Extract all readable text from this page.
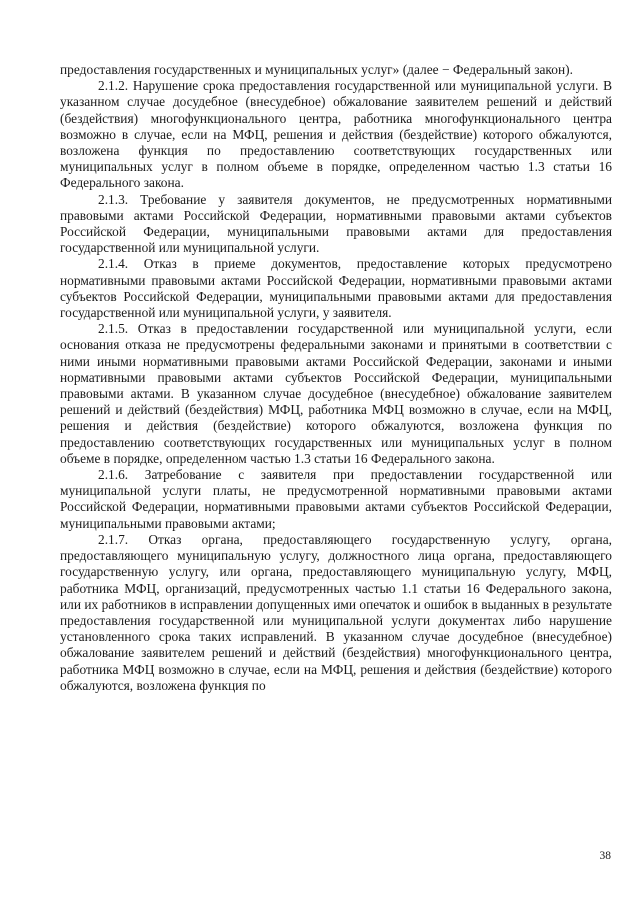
предоставления государственных и муниципальных услуг» (далее − Федеральный закон).

2.1.2. Нарушение срока предоставления государственной или муниципальной услуги. В указанном случае досудебное (внесудебное) обжалование заявителем решений и действий (бездействия) многофункционального центра, работника многофункционального центра возможно в случае, если на МФЦ, решения и действия (бездействие) которого обжалуются, возложена функция по предоставлению соответствующих государственных или муниципальных услуг в полном объеме в порядке, определенном частью 1.3 статьи 16 Федерального закона.

2.1.3. Требование у заявителя документов, не предусмотренных нормативными правовыми актами Российской Федерации, нормативными правовыми актами субъектов Российской Федерации, муниципальными правовыми актами для предоставления государственной или муниципальной услуги.

2.1.4. Отказ в приеме документов, предоставление которых предусмотрено нормативными правовыми актами Российской Федерации, нормативными правовыми актами субъектов Российской Федерации, муниципальными правовыми актами для предоставления государственной или муниципальной услуги, у заявителя.

2.1.5. Отказ в предоставлении государственной или муниципальной услуги, если основания отказа не предусмотрены федеральными законами и принятыми в соответствии с ними иными нормативными правовыми актами Российской Федерации, законами и иными нормативными правовыми актами субъектов Российской Федерации, муниципальными правовыми актами. В указанном случае досудебное (внесудебное) обжалование заявителем решений и действий (бездействия) МФЦ, работника МФЦ возможно в случае, если на МФЦ, решения и действия (бездействие) которого обжалуются, возложена функция по предоставлению соответствующих государственных или муниципальных услуг в полном объеме в порядке, определенном частью 1.3 статьи 16 Федерального закона.

2.1.6. Затребование с заявителя при предоставлении государственной или муниципальной услуги платы, не предусмотренной нормативными правовыми актами Российской Федерации, нормативными правовыми актами субъектов Российской Федерации, муниципальными правовыми актами;

2.1.7. Отказ органа, предоставляющего государственную услугу, органа, предоставляющего муниципальную услугу, должностного лица органа, предоставляющего государственную услугу, или органа, предоставляющего муниципальную услугу, МФЦ, работника МФЦ, организаций, предусмотренных частью 1.1 статьи 16 Федерального закона, или их работников в исправлении допущенных ими опечаток и ошибок в выданных в результате предоставления государственной или муниципальной услуги документах либо нарушение установленного срока таких исправлений. В указанном случае досудебное (внесудебное) обжалование заявителем решений и действий (бездействия) многофункционального центра, работника МФЦ возможно в случае, если на МФЦ, решения и действия (бездействие) которого обжалуются, возложена функция по

38
